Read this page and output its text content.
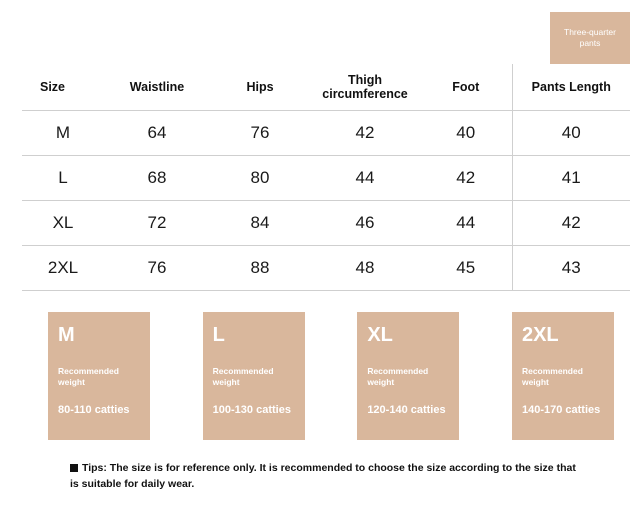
Three-quarter pants
Size	Waistline	Hips	Thigh circumference	Foot	Pants Length
M	64	76	42	40	40
L	68	80	44	42	41
XL	72	84	46	44	42
2XL	76	88	48	45	43
M
Recommended weight
80-110 catties
L
Recommended weight
100-130 catties
XL
Recommended weight
120-140 catties
2XL
Recommended weight
140-170 catties
Tips: The size is for reference only. It is recommended to choose the size according to the size that is suitable for daily wear.
